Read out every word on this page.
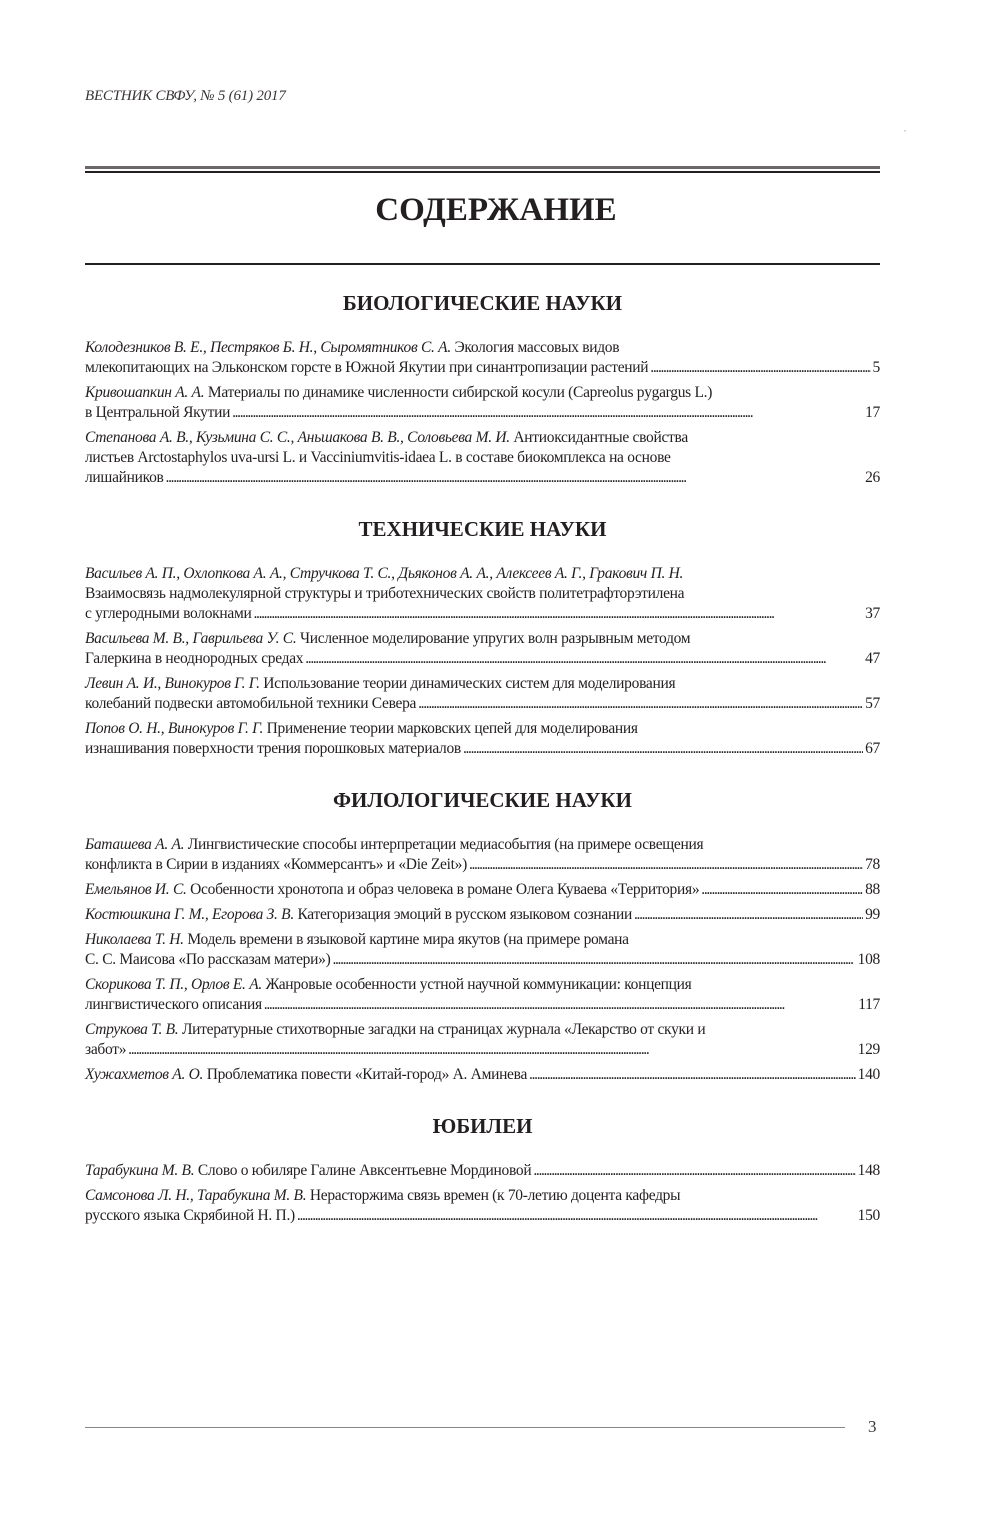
ВЕСТНИК СВФУ, № 5 (61) 2017
,
СОДЕРЖАНИЕ
БИОЛОГИЧЕСКИЕ НАУКИ
Колодезников В. Е., Пестряков Б. Н., Сыромятников С. А. Экология массовых видов
млекопитающих на Эльконском горсте в Южной Якутии при синантропизации растений . . .	5
Кривошапкин А. А. Материалы по динамике численности сибирской косули (Capreolus pygargus L.)
в Центральной Якутии . . .	17
Степанова А. В., Кузьмина С. С., Аньшакова В. В., Соловьева М. И. Антиоксидантные свойства
листьев Arctostaphylos uva-ursi L. и Vacciniumvitis-idaea L. в составе биокомплекса на основе
лишайников . . .	26
ТЕХНИЧЕСКИЕ НАУКИ
Васильев А. П., Охлопкова А. А., Стручкова Т. С., Дьяконов А. А., Алексеев А. Г., Гракович П. Н.
Взаимосвязь надмолекулярной структуры и триботехнических свойств политетрафторэтилена
с углеродными волокнами . . .	37
Васильева М. В., Гаврильева У. С. Численное моделирование упругих волн разрывным методом
Галеркина в неоднородных средах . . .	47
Левин А. И., Винокуров Г. Г. Использование теории динамических систем для моделирования
колебаний подвески автомобильной техники Севера . . .	57
Попов О. Н., Винокуров Г. Г. Применение теории марковских цепей для моделирования
изнашивания поверхности трения порошковых материалов . . .	67
ФИЛОЛОГИЧЕСКИЕ НАУКИ
Баташева А. А. Лингвистические способы интерпретации медиасобытия (на примере освещения
конфликта в Сирии в изданиях «Коммерсантъ» и «Die Zeit») . . .	78
Емельянов И. С. Особенности хронотопа и образ человека в романе Олега Куваева «Территория» . . .	88
Костюшкина Г. М., Егорова З. В. Категоризация эмоций в русском языковом сознании . . .	99
Николаева Т. Н. Модель времени в языковой картине мира якутов (на примере романа
С. С. Маисова «По рассказам матери») . . .	108
Скорикова Т. П., Орлов Е. А. Жанровые особенности устной научной коммуникации: концепция
лингвистического описания . . .	117
Струкова Т. В. Литературные стихотворные загадки на страницах журнала «Лекарство от скуки и
забот» . . .	129
Хужахметов А. О. Проблематика повести «Китай-город» А. Аминева . . .	140
ЮБИЛЕИ
Тарабукина М. В. Слово о юбиляре Галине Авксентьевне Мординовой . . .	148
Самсонова Л. Н., Тарабукина М. В. Нерасторжима связь времен (к 70-летию доцента кафедры
русского языка Скрябиной Н. П.) . . .	150
3
